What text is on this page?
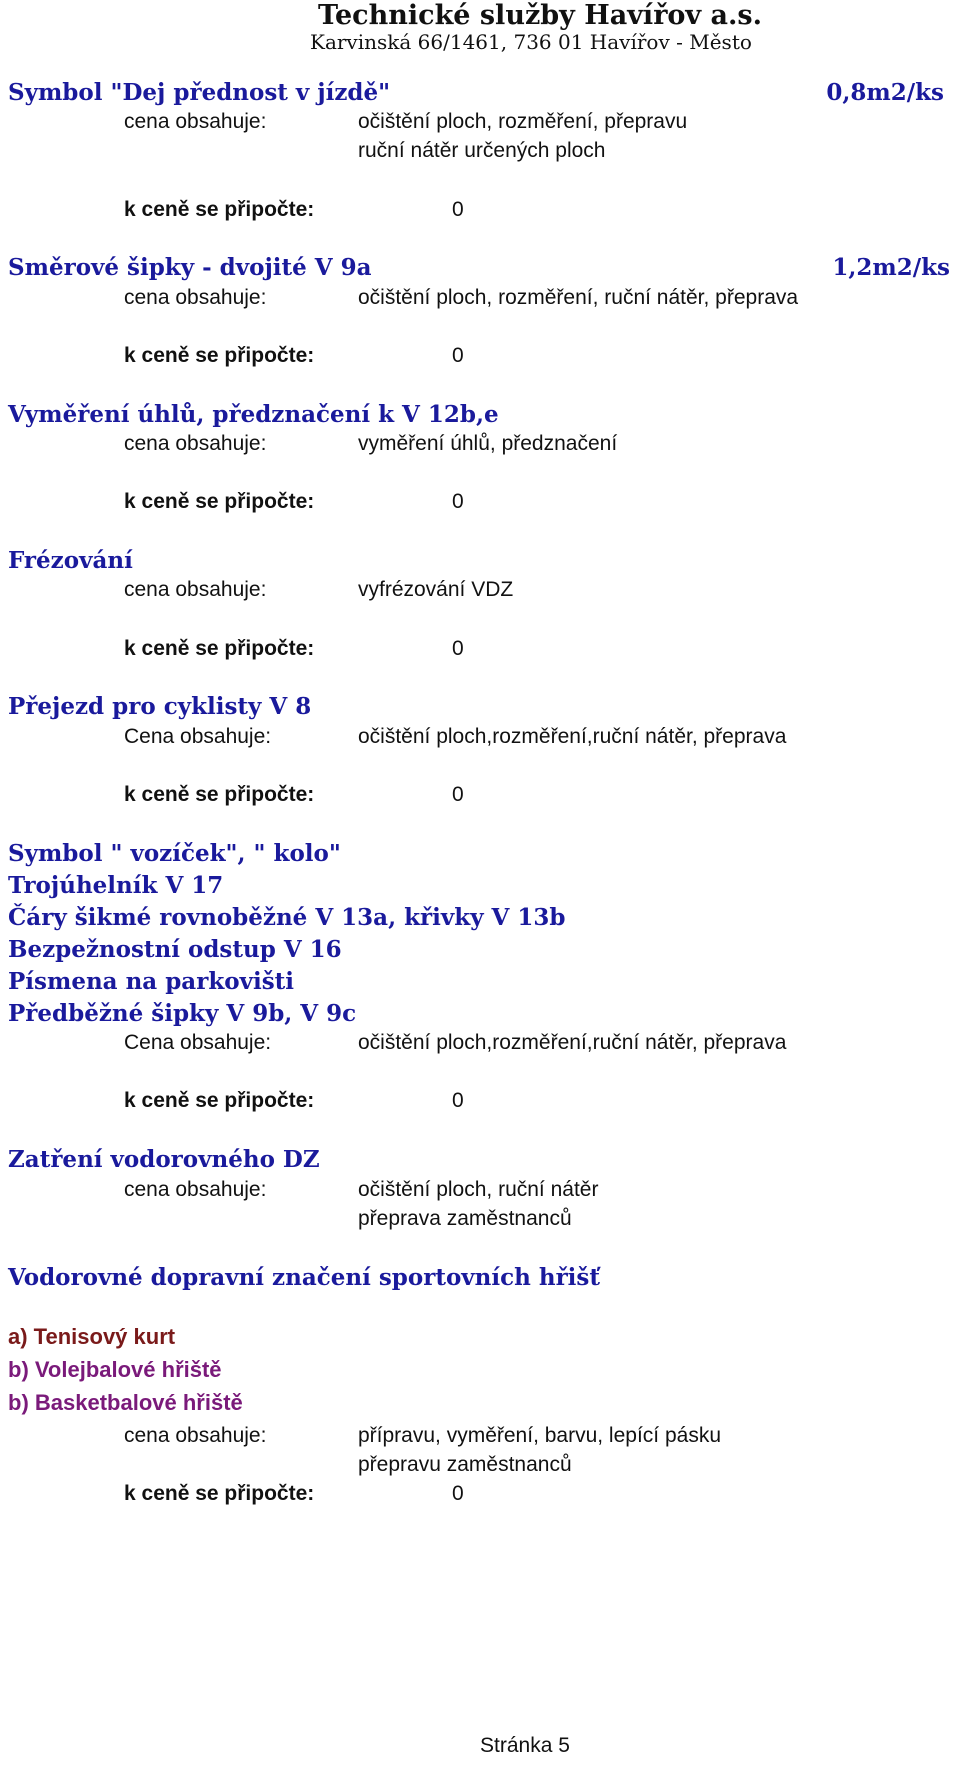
Technické služby Havířov a.s.
Karvinská 66/1461, 736 01 Havířov - Město
Symbol "Dej přednost v jízdě"	0,8m2/ks
cena obsahuje:	očištění ploch, rozměření, přepravu
ruční nátěr určených ploch
k ceně se připočte:	0
Směrové šipky - dvojité V 9a	1,2m2/ks
cena obsahuje:	očištění ploch, rozměření, ruční nátěr, přeprava
k ceně se připočte:	0
Vyměření úhlů, předznačení k V 12b,e
cena obsahuje:	vyměření úhlů, předznačení
k ceně se připočte:	0
Frézování
cena obsahuje:	vyfrézování VDZ
k ceně se připočte:	0
Přejezd pro cyklisty V 8
Cena obsahuje:	očištění ploch,rozměření,ruční nátěr, přeprava
k ceně se připočte:	0
Symbol " vozíček", " kolo"
Trojúhelník V 17
Čáry šikmé rovnoběžné V 13a, křivky V 13b
Bezpežnostní odstup V 16
Písmena na parkovišti
Předběžné šipky V 9b, V 9c
Cena obsahuje:	očištění ploch,rozměření,ruční nátěr, přeprava
k ceně se připočte:	0
Zatření vodorovného DZ
cena obsahuje:	očištění ploch, ruční nátěr
přeprava zaměstnanců
Vodorovné dopravní značení sportovních hřišť
a) Tenisový kurt
b) Volejbalové hřiště
b) Basketbalové hřiště
cena obsahuje:	přípravu, vyměření, barvu, lepící pásku
přepravu zaměstnanců
k ceně se připočte:	0
Stránka 5
